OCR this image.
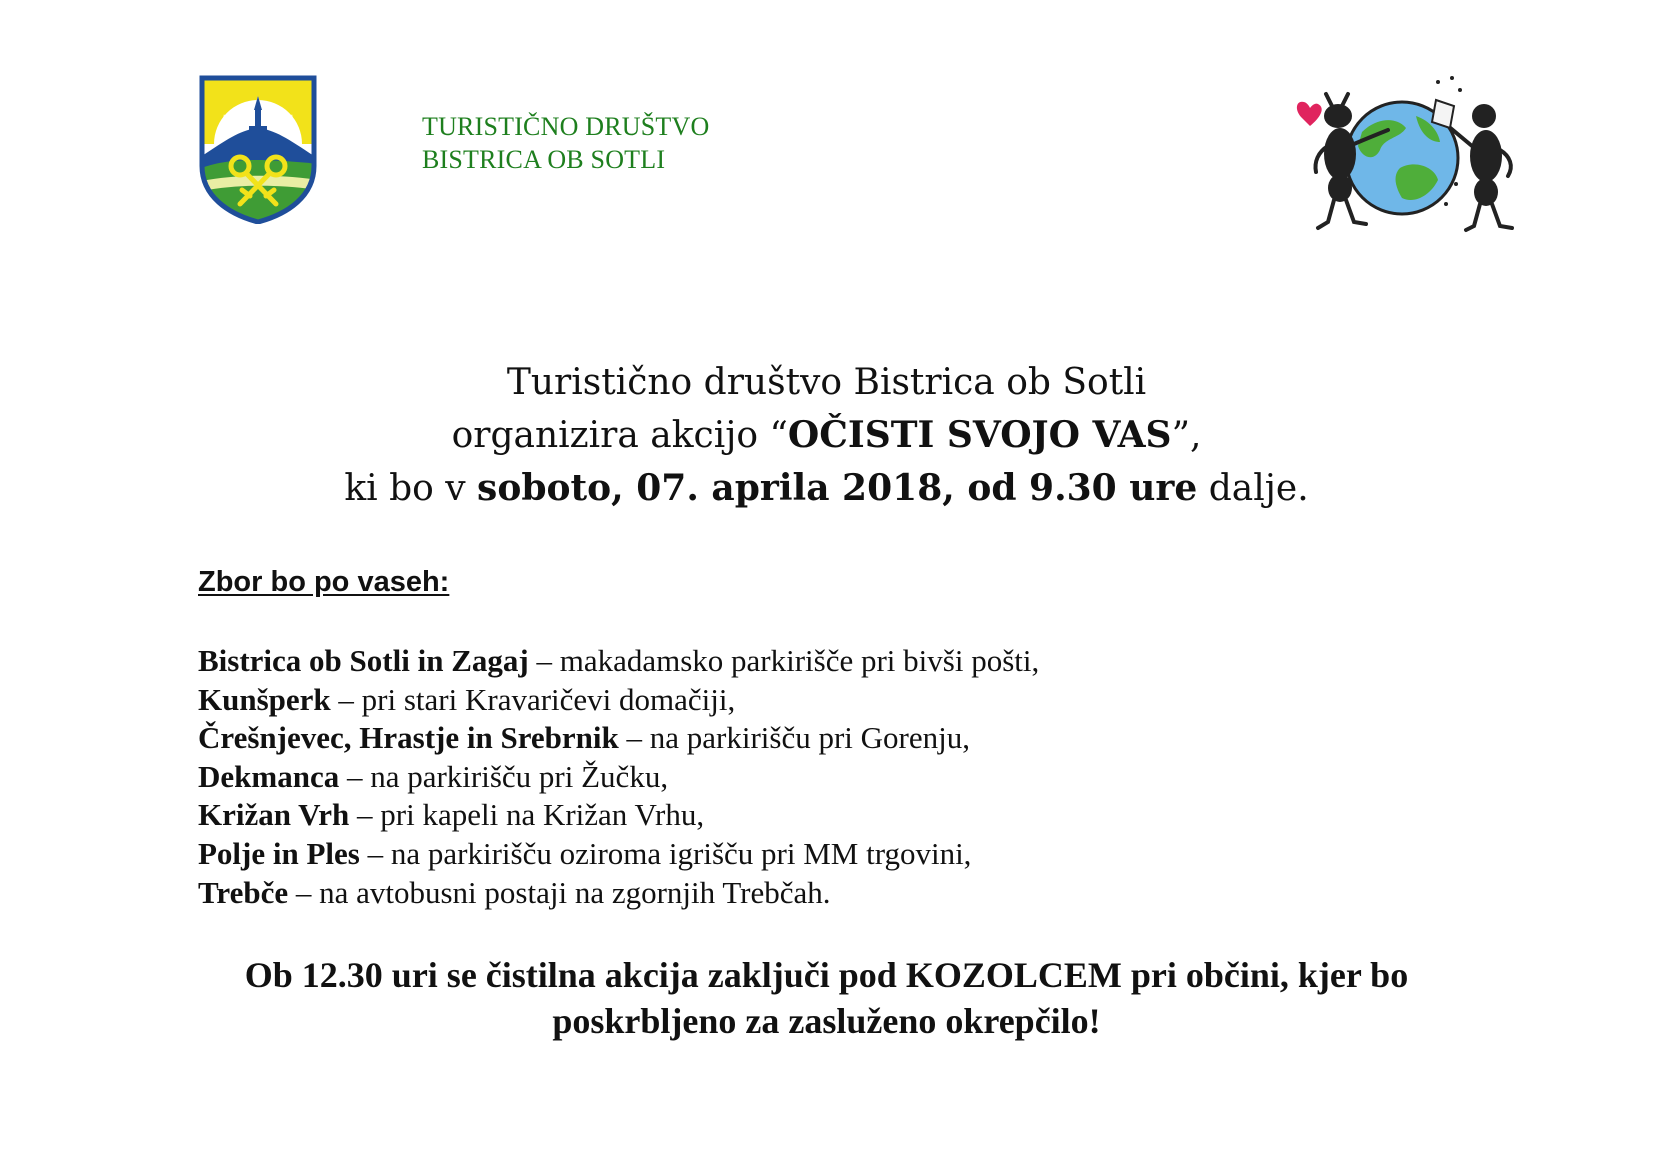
TURISTIČNO DRUŠTVO
BISTRICA OB SOTLI
Turistično društvo Bistrica ob Sotli
organizira akcijo “OČISTI SVOJO VAS”,
ki bo v soboto, 07. aprila 2018, od 9.30 ure dalje.
Zbor bo po vaseh:
Bistrica ob Sotli in Zagaj – makadamsko parkirišče pri bivši pošti,
Kunšperk – pri stari Kravaričevi domačiji,
Črešnjevec, Hrastje in Srebrnik – na parkirišču pri Gorenju,
Dekmanca – na parkirišču pri Žučku,
Križan Vrh – pri kapeli na Križan Vrhu,
Polje in Ples – na parkirišču oziroma igrišču pri MM trgovini,
Trebče – na avtobusni postaji na zgornjih Trebčah.
Ob 12.30 uri se čistilna akcija zaključi pod KOZOLCEM pri občini, kjer bo
poskrbljeno za zasluženo okrepčilo!
